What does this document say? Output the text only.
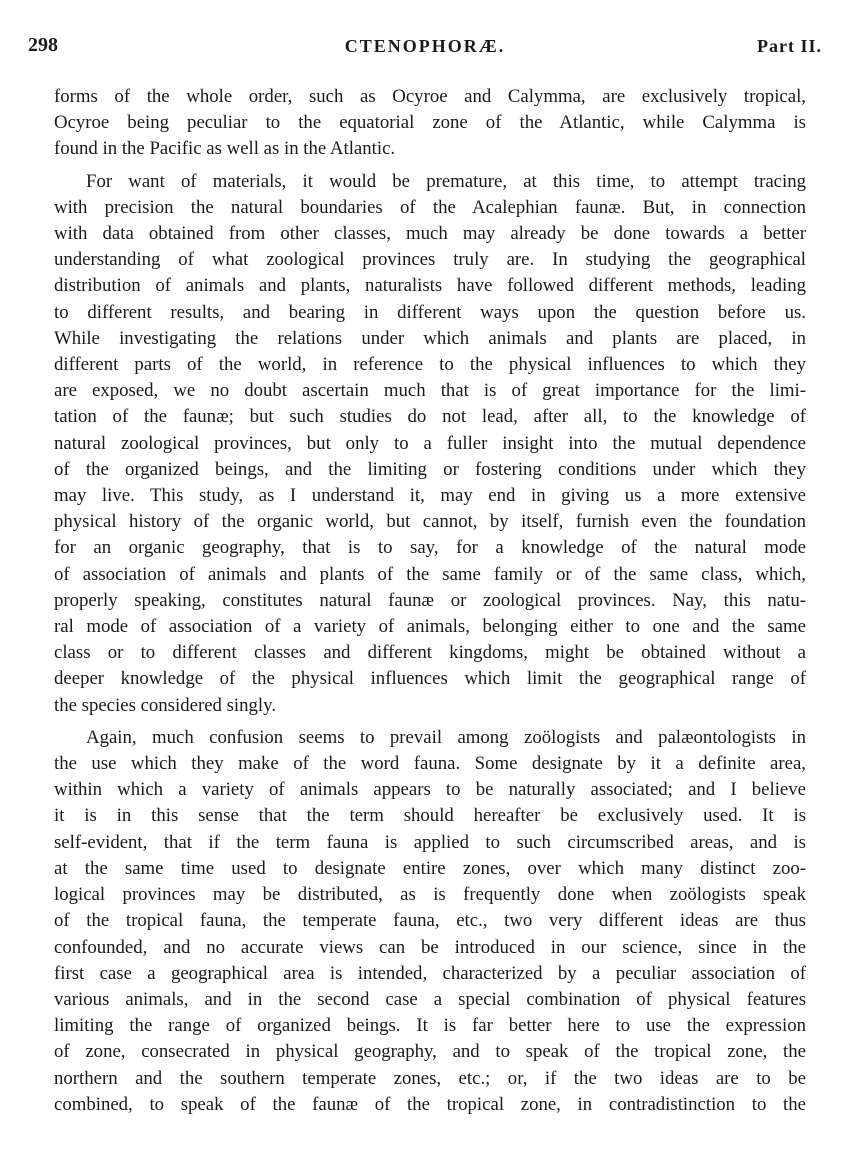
298	CTENOPHORÆ.	Part II.

forms of the whole order, such as Ocyroe and Calymma, are exclusively tropical,
Ocyroe being peculiar to the equatorial zone of the Atlantic, while Calymma is
found in the Pacific as well as in the Atlantic.

For want of materials, it would be premature, at this time, to attempt tracing
with precision the natural boundaries of the Acalephian faunæ. But, in connection
with data obtained from other classes, much may already be done towards a better
understanding of what zoological provinces truly are. In studying the geographical
distribution of animals and plants, naturalists have followed different methods, leading
to different results, and bearing in different ways upon the question before us.
While investigating the relations under which animals and plants are placed, in
different parts of the world, in reference to the physical influences to which they
are exposed, we no doubt ascertain much that is of great importance for the limi-
tation of the faunæ; but such studies do not lead, after all, to the knowledge of
natural zoological provinces, but only to a fuller insight into the mutual dependence
of the organized beings, and the limiting or fostering conditions under which they
may live. This study, as I understand it, may end in giving us a more extensive
physical history of the organic world, but cannot, by itself, furnish even the foundation
for an organic geography, that is to say, for a knowledge of the natural mode
of association of animals and plants of the same family or of the same class, which,
properly speaking, constitutes natural faunæ or zoological provinces. Nay, this natu-
ral mode of association of a variety of animals, belonging either to one and the same
class or to different classes and different kingdoms, might be obtained without a
deeper knowledge of the physical influences which limit the geographical range of
the species considered singly.

Again, much confusion seems to prevail among zoölogists and palæontologists in
the use which they make of the word fauna. Some designate by it a definite area,
within which a variety of animals appears to be naturally associated; and I believe
it is in this sense that the term should hereafter be exclusively used. It is
self-evident, that if the term fauna is applied to such circumscribed areas, and is
at the same time used to designate entire zones, over which many distinct zoo-
logical provinces may be distributed, as is frequently done when zoölogists speak
of the tropical fauna, the temperate fauna, etc., two very different ideas are thus
confounded, and no accurate views can be introduced in our science, since in the
first case a geographical area is intended, characterized by a peculiar association of
various animals, and in the second case a special combination of physical features
limiting the range of organized beings. It is far better here to use the expression
of zone, consecrated in physical geography, and to speak of the tropical zone, the
northern and the southern temperate zones, etc.; or, if the two ideas are to be
combined, to speak of the faunæ of the tropical zone, in contradistinction to the
